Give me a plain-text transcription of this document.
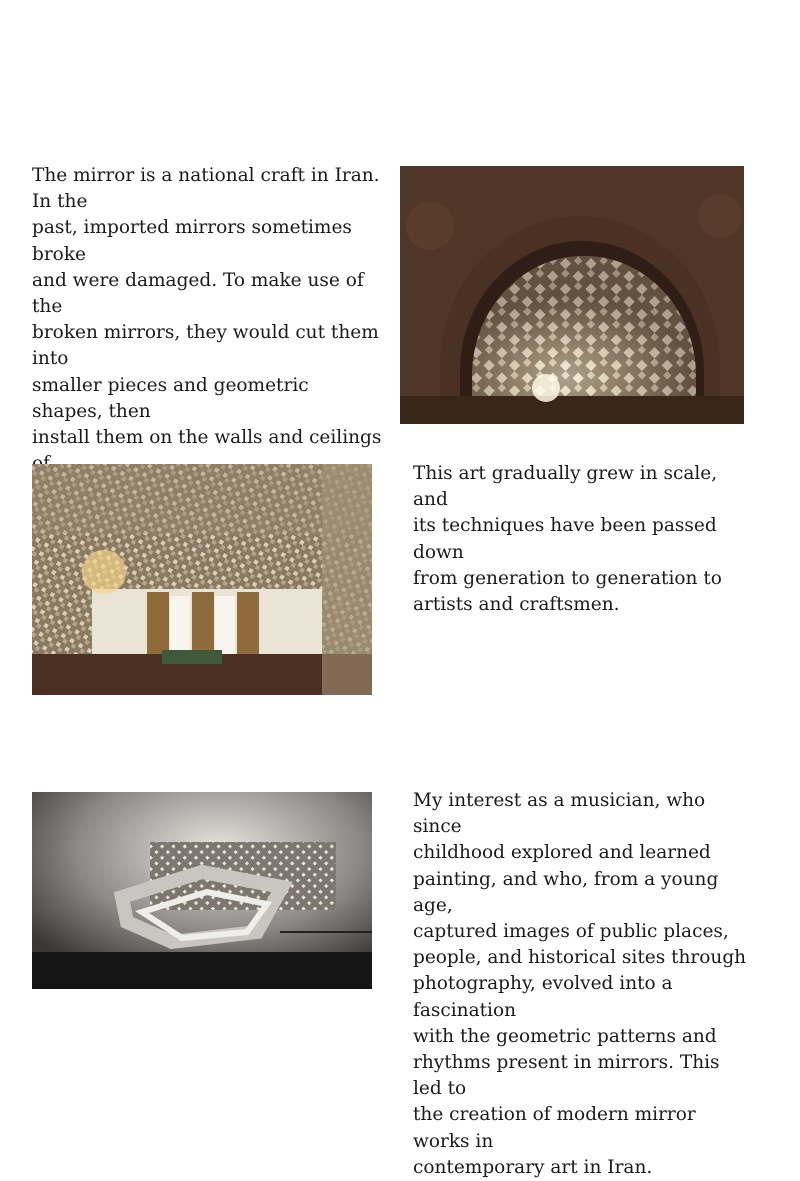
The mirror is a national craft in Iran. In the
past, imported mirrors sometimes broke
and were damaged. To make use of the
broken mirrors, they would cut them into
smaller pieces and geometric shapes, then
install them on the walls and ceilings

This art gradually grew in scale, and
its techniques have been passed down
from generation to generation to
artists and craftsmen.

My interest as a musician, who since
childhood explored and learned
painting, and who, from a young age,
captured images of public places,
people, and historical sites through
photography, evolved into a fascination
with the geometric patterns and
rhythms present in mirrors. This led to
the creation of modern mirror works in
contemporary art in Iran.
